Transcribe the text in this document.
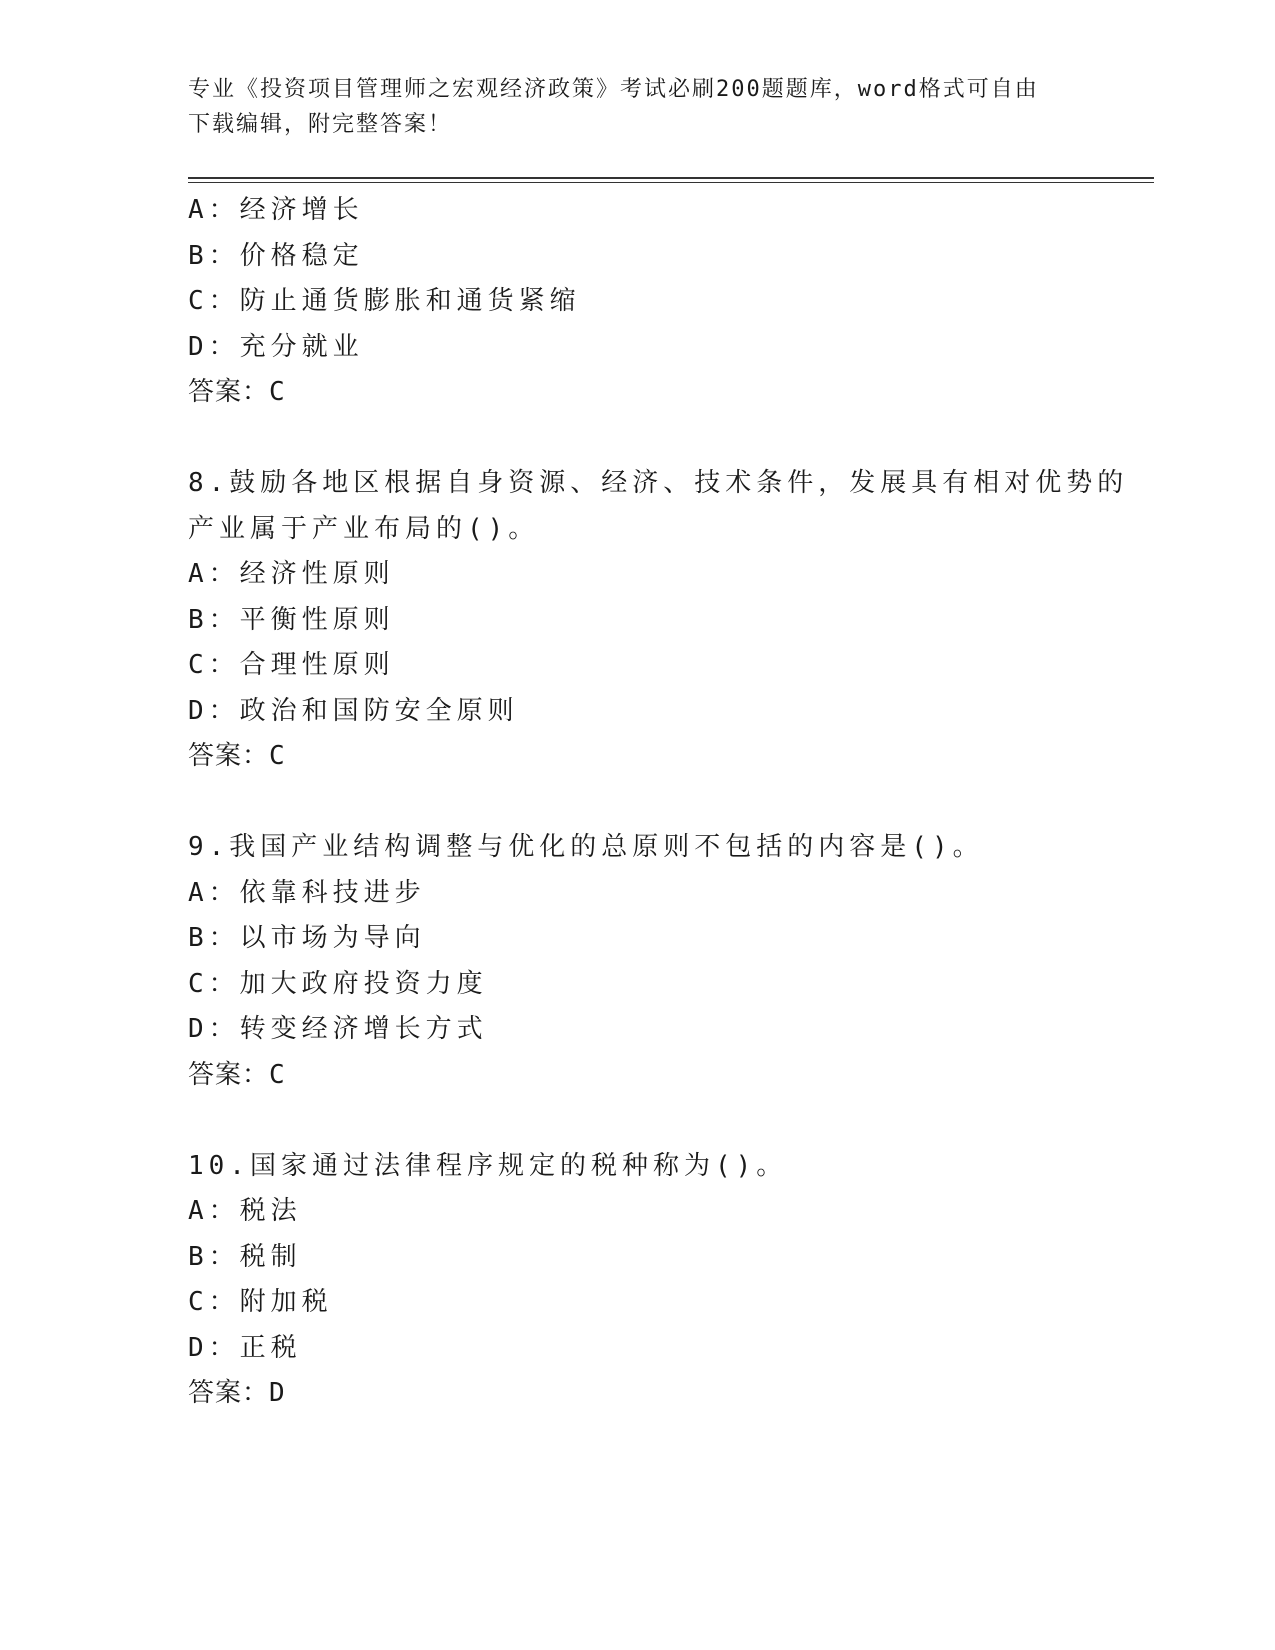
专业《投资项目管理师之宏观经济政策》考试必刷200题题库，word格式可自由
下载编辑，附完整答案！
A：经济增长
B：价格稳定
C：防止通货膨胀和通货紧缩
D：充分就业
答案：C
8.鼓励各地区根据自身资源、经济、技术条件，发展具有相对优势的
产业属于产业布局的()。
A：经济性原则
B：平衡性原则
C：合理性原则
D：政治和国防安全原则
答案：C
9.我国产业结构调整与优化的总原则不包括的内容是()。
A：依靠科技进步
B：以市场为导向
C：加大政府投资力度
D：转变经济增长方式
答案：C
10.国家通过法律程序规定的税种称为()。
A：税法
B：税制
C：附加税
D：正税
答案：D
